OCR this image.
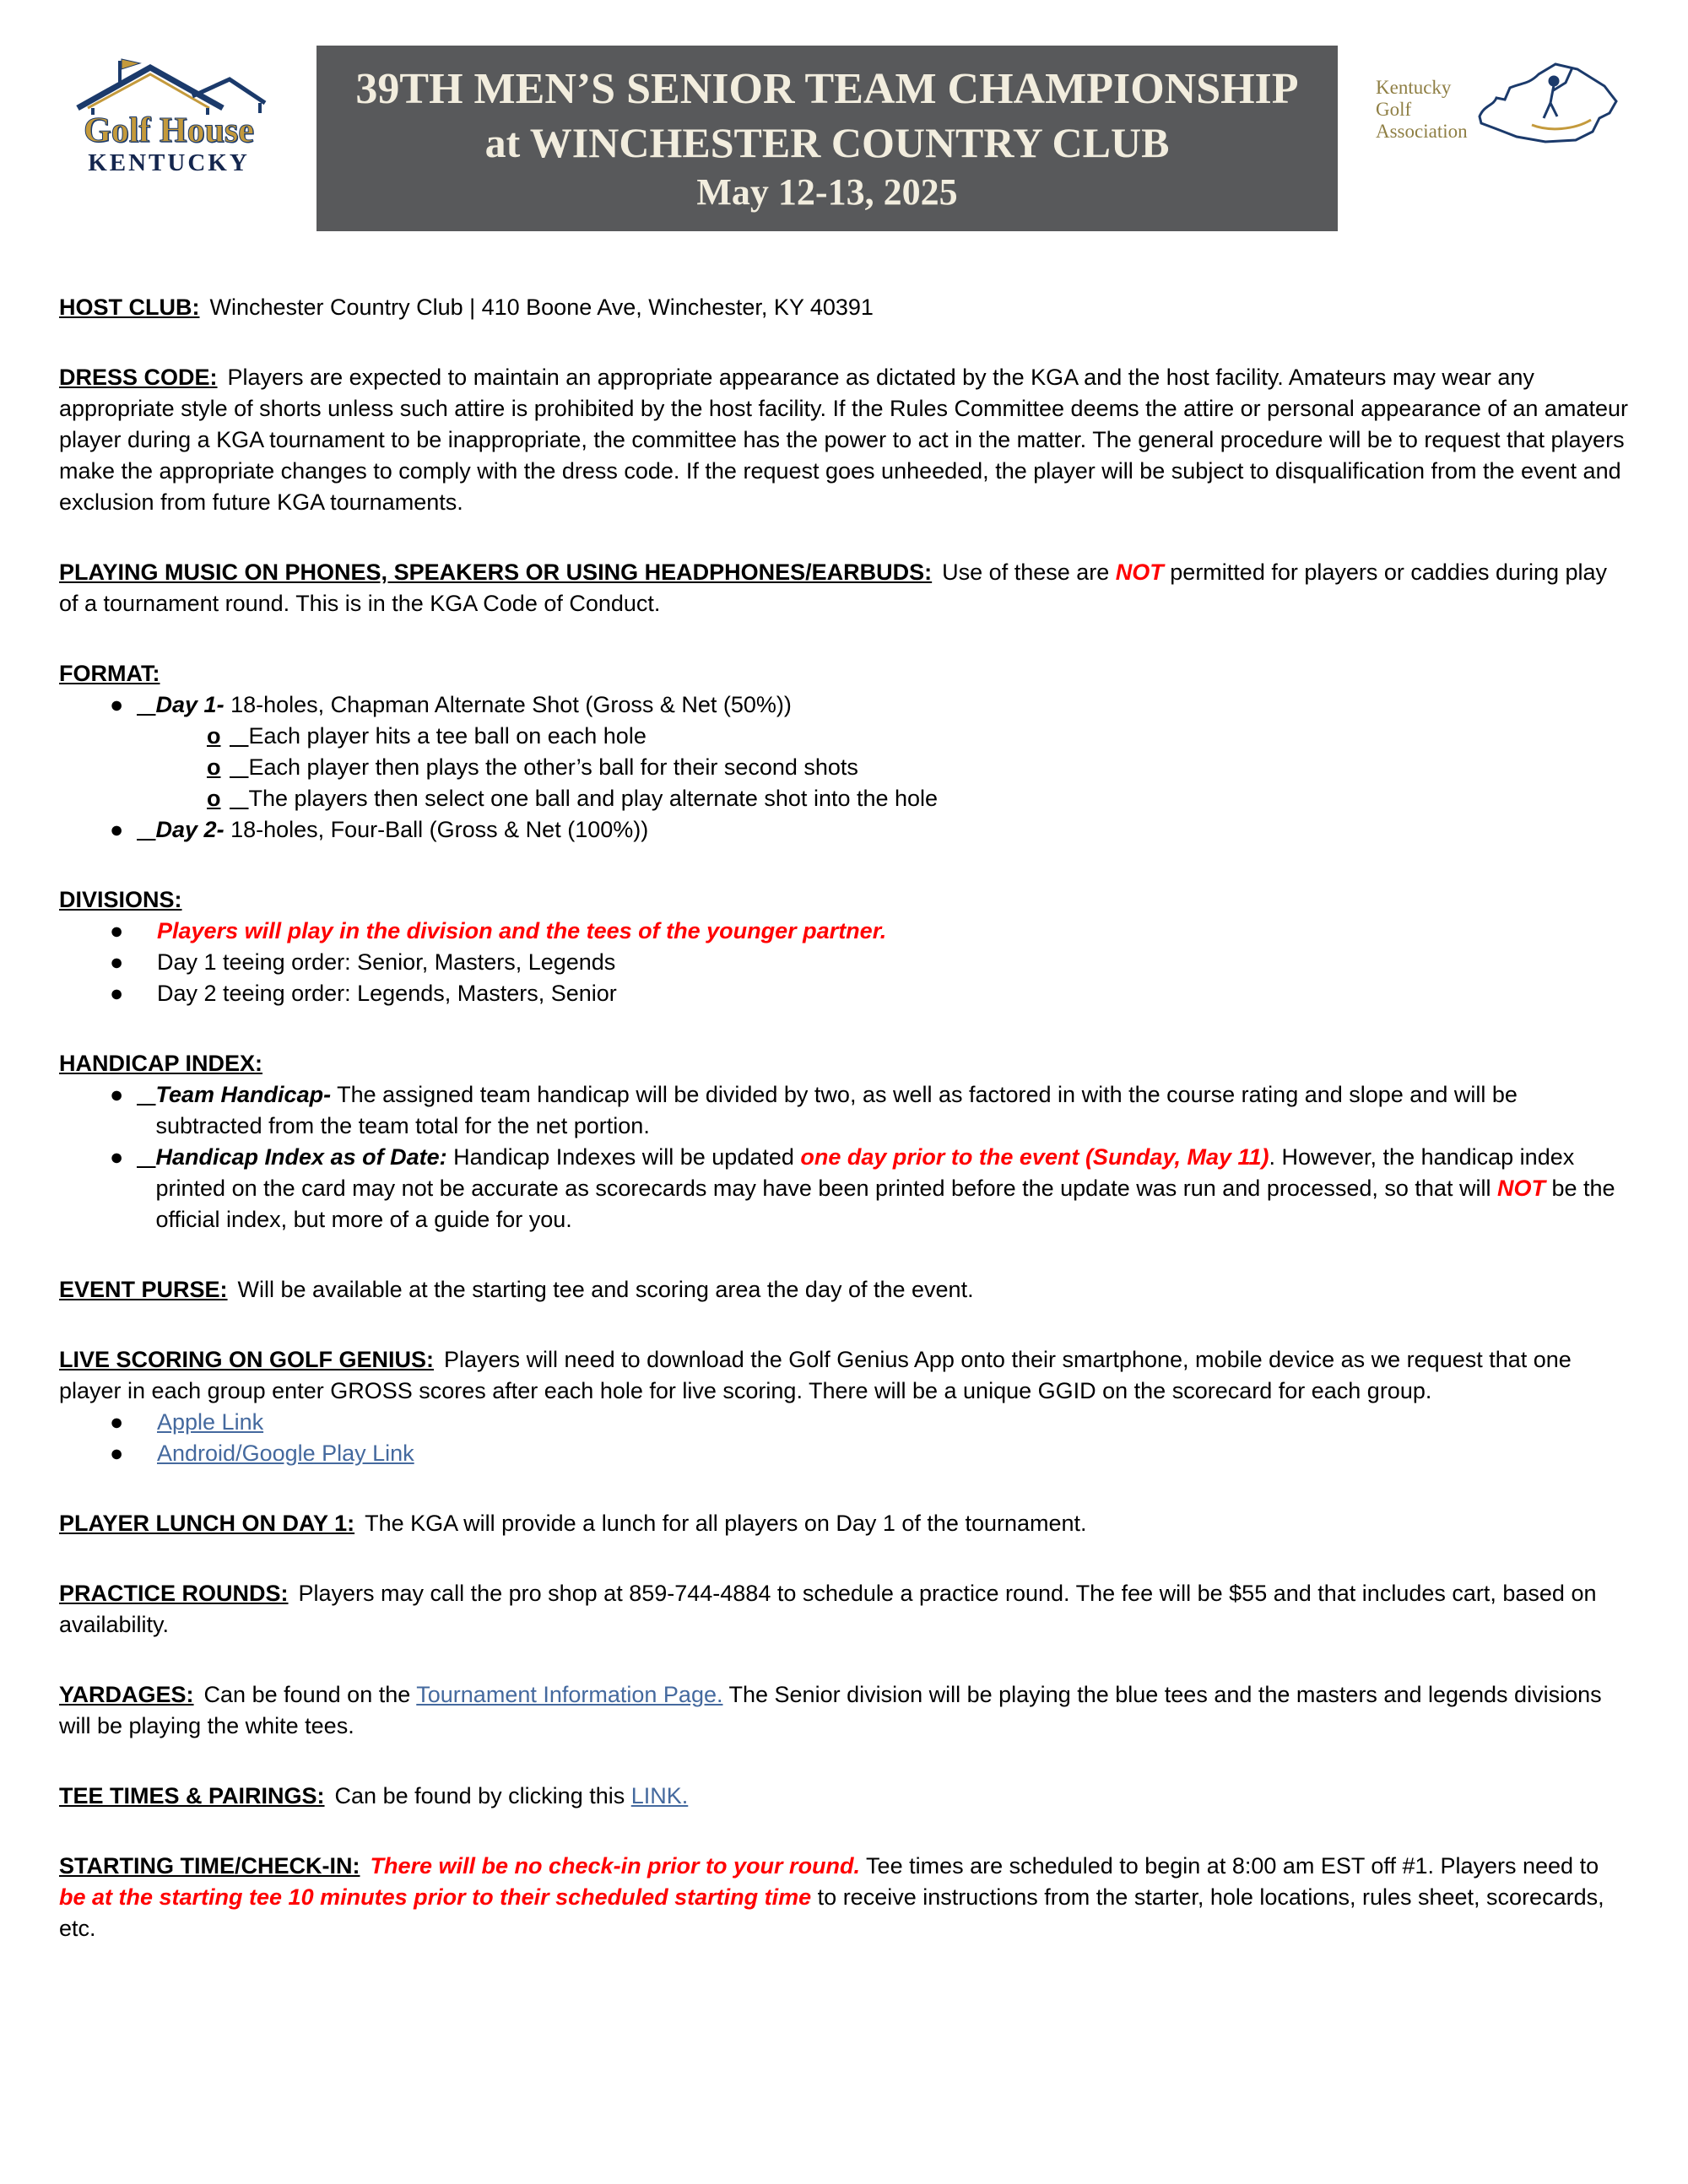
Golf House
KENTUCKY
39TH MEN’S SENIOR TEAM CHAMPIONSHIP
at WINCHESTER COUNTRY CLUB
May 12-13, 2025
Kentucky
Golf
Association

HOST CLUB: Winchester Country Club | 410 Boone Ave, Winchester, KY 40391

DRESS CODE: Players are expected to maintain an appropriate appearance as dictated by the KGA and the host facility. Amateurs may wear any appropriate style of shorts unless such attire is prohibited by the host facility. If the Rules Committee deems the attire or personal appearance of an amateur player during a KGA tournament to be inappropriate, the committee has the power to act in the matter. The general procedure will be to request that players make the appropriate changes to comply with the dress code. If the request goes unheeded, the player will be subject to disqualification from the event and exclusion from future KGA tournaments.

PLAYING MUSIC ON PHONES, SPEAKERS OR USING HEADPHONES/EARBUDS: Use of these are NOT permitted for players or caddies during play of a tournament round. This is in the KGA Code of Conduct.

FORMAT:

●
	Day 1- 18-holes, Chapman Alternate Shot (Gross & Net (50%))
o
	Each player hits a tee ball on each hole
o
	Each player then plays the other’s ball for their second shots
o
	The players then select one ball and play alternate shot into the hole
●
	Day 2- 18-holes, Four-Ball (Gross & Net (100%))

DIVISIONS:

●	Players will play in the division and the tees of the younger partner.
●	Day 1 teeing order: Senior, Masters, Legends
●	Day 2 teeing order: Legends, Masters, Senior

HANDICAP INDEX:

●
	Team Handicap- The assigned team handicap will be divided by two, as well as factored in with the course rating and slope and will be subtracted from the team total for the net portion.
●
	Handicap Index as of Date: Handicap Indexes will be updated one day prior to the event (Sunday, May 11). However, the handicap index printed on the card may not be accurate as scorecards may have been printed before the update was run and processed, so that will NOT be the official index, but more of a guide for you.

EVENT PURSE: Will be available at the starting tee and scoring area the day of the event.

LIVE SCORING ON GOLF GENIUS: Players will need to download the Golf Genius App onto their smartphone, mobile device as we request that one player in each group enter GROSS scores after each hole for live scoring. There will be a unique GGID on the scorecard for each group.

●	Apple Link
●	Android/Google Play Link

PLAYER LUNCH ON DAY 1: The KGA will provide a lunch for all players on Day 1 of the tournament.

PRACTICE ROUNDS: Players may call the pro shop at 859-744-4884 to schedule a practice round. The fee will be $55 and that includes cart, based on availability.

YARDAGES: Can be found on the Tournament Information Page. The Senior division will be playing the blue tees and the masters and legends divisions will be playing the white tees.

TEE TIMES & PAIRINGS: Can be found by clicking this LINK.

STARTING TIME/CHECK-IN: There will be no check-in prior to your round. Tee times are scheduled to begin at 8:00 am EST off #1. Players need to be at the starting tee 10 minutes prior to their scheduled starting time to receive instructions from the starter, hole locations, rules sheet, scorecards, etc.
